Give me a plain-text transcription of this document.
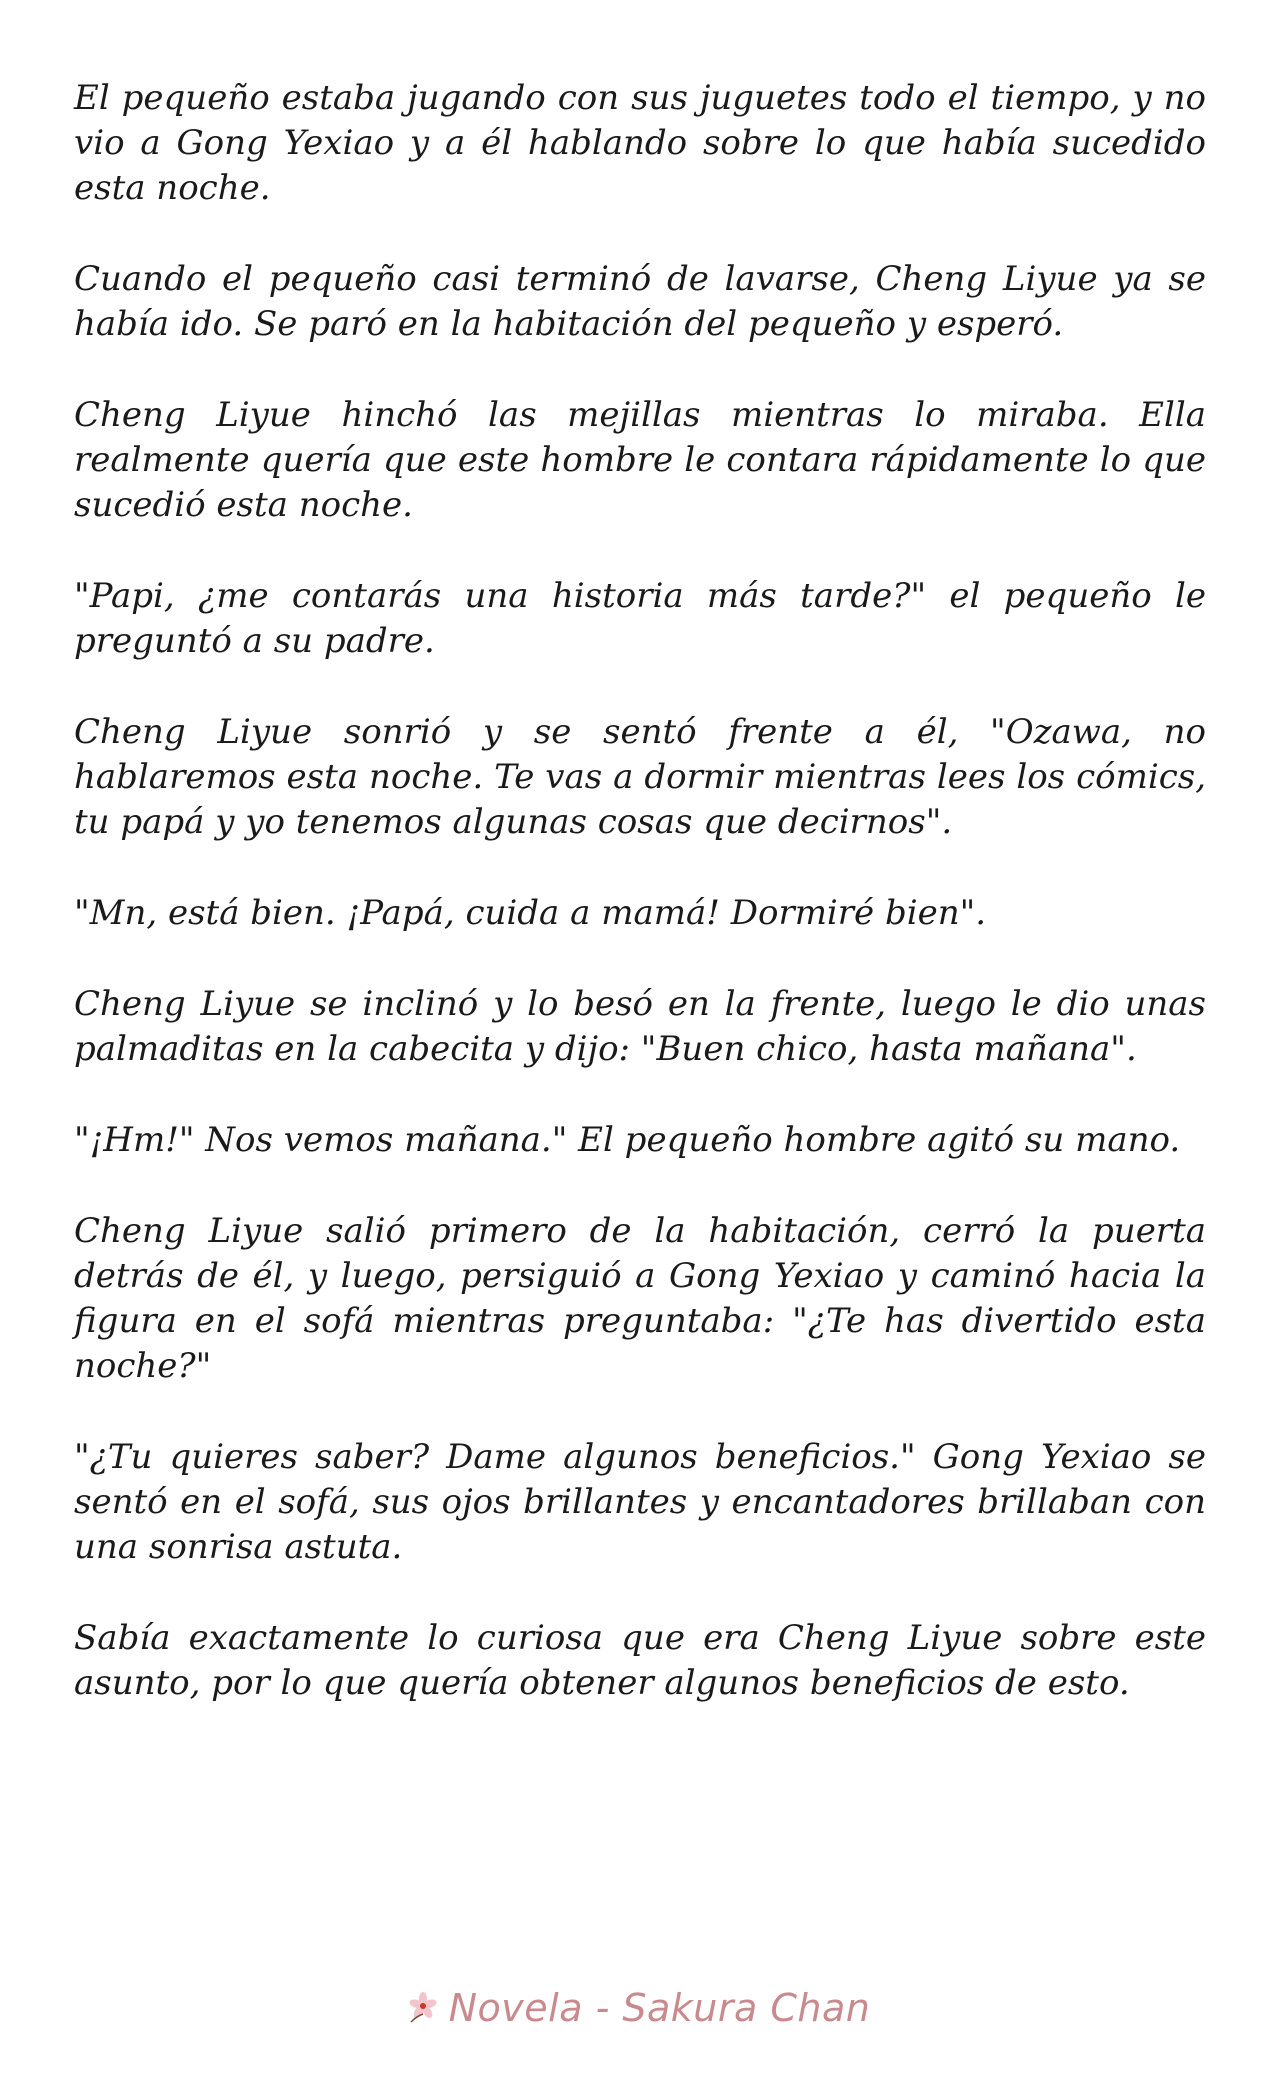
El pequeño estaba jugando con sus juguetes todo el tiempo, y no vio a Gong Yexiao y a él hablando sobre lo que había sucedido esta noche.

Cuando el pequeño casi terminó de lavarse, Cheng Liyue ya se había ido. Se paró en la habitación del pequeño y esperó.

Cheng Liyue hinchó las mejillas mientras lo miraba. Ella realmente quería que este hombre le contara rápidamente lo que sucedió esta noche.

"Papi, ¿me contarás una historia más tarde?" el pequeño le preguntó a su padre.

Cheng Liyue sonrió y se sentó frente a él, "Ozawa, no hablaremos esta noche. Te vas a dormir mientras lees los cómics, tu papá y yo tenemos algunas cosas que decirnos".

"Mn, está bien. ¡Papá, cuida a mamá! Dormiré bien".

Cheng Liyue se inclinó y lo besó en la frente, luego le dio unas palmaditas en la cabecita y dijo: "Buen chico, hasta mañana".

"¡Hm!" Nos vemos mañana." El pequeño hombre agitó su mano.

Cheng Liyue salió primero de la habitación, cerró la puerta detrás de él, y luego, persiguió a Gong Yexiao y caminó hacia la figura en el sofá mientras preguntaba: "¿Te has divertido esta noche?"

"¿Tu quieres saber? Dame algunos beneficios." Gong Yexiao se sentó en el sofá, sus ojos brillantes y encantadores brillaban con una sonrisa astuta.

Sabía exactamente lo curiosa que era Cheng Liyue sobre este asunto, por lo que quería obtener algunos beneficios de esto.

Novela - Sakura Chan
